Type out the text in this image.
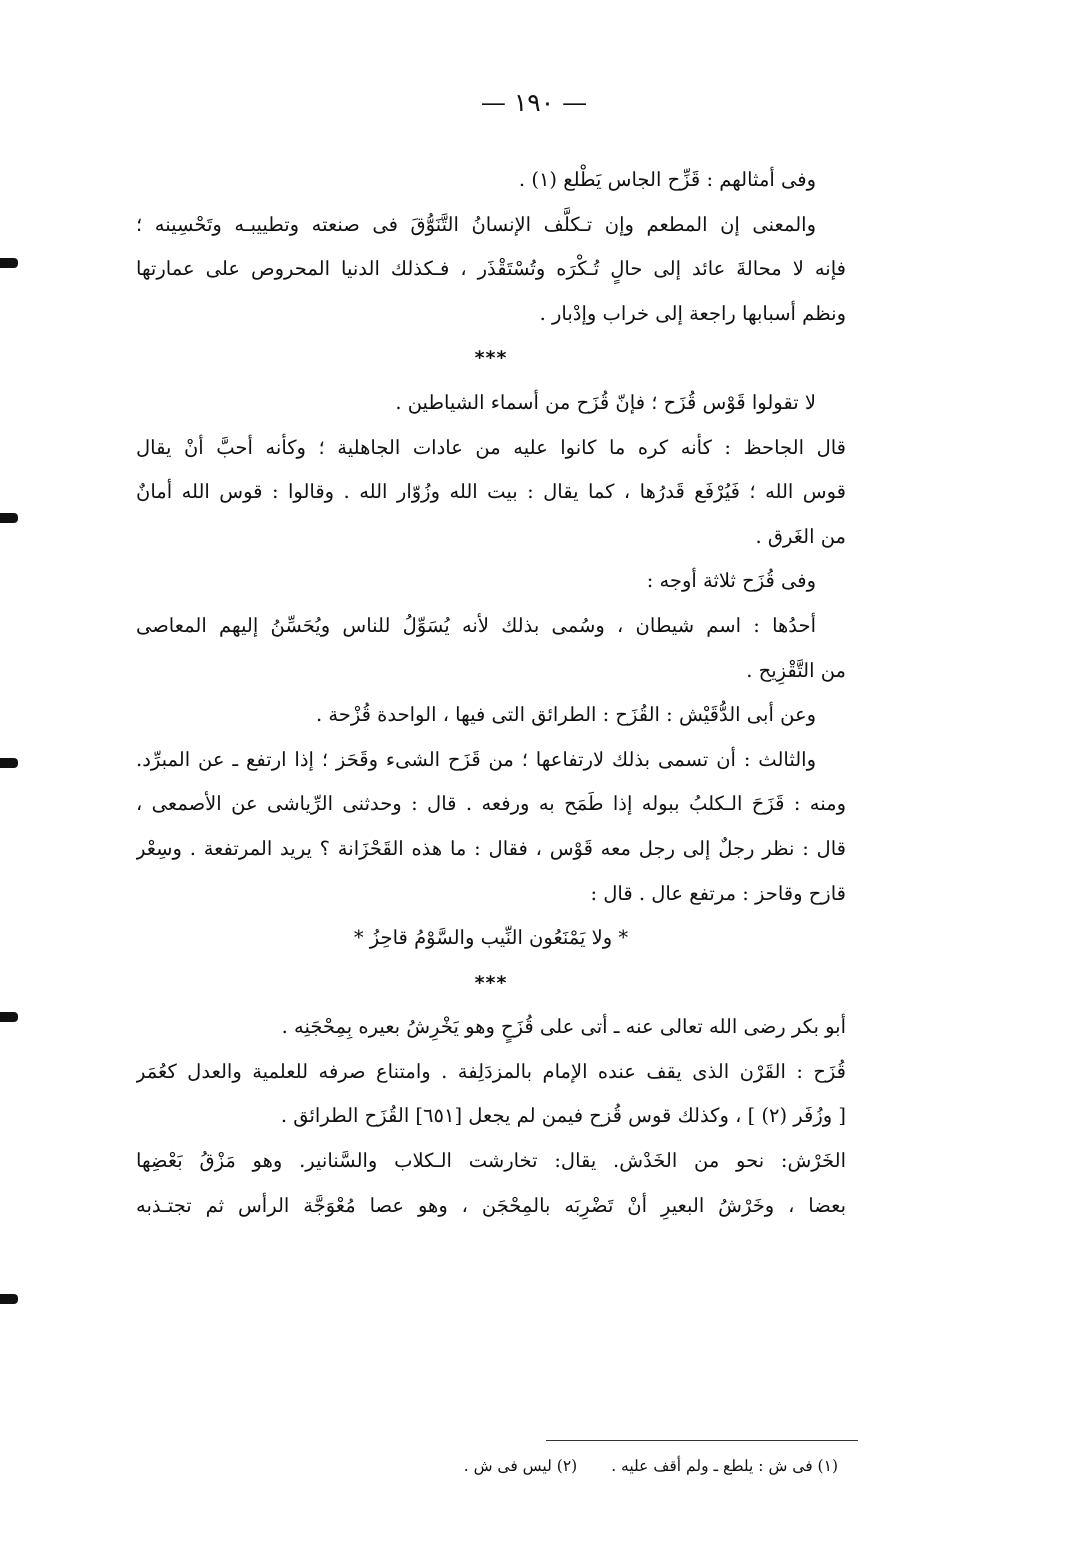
— ١٩٠ —
وفى أمثالهم : قَزِّح الجاس يَطْلع (١) .
والمعنى إن المطعم وإن تـكلَّف الإنسانُ التَّنَوُّقَ فى صنعته وتطييبـه وتَحْسِينه ؛
فإنه لا محالةَ عائد إلى حالٍ تُـكْرَه وتُسْتَقْذَر ، فـكذلك الدنيا المحروص على عمارتها
ونظم أسبابها راجعة إلى خراب وإدْبار .
***
لا تقولوا قَوْس قُزَح ؛ فإنّ قُزَح من أسماء الشياطين .
قال الجاحظ : كأنه كره ما كانوا عليه من عادات الجاهلية ؛ وكأنه أحبَّ أنْ يقال
قوس الله ؛ فَيُرْفَع قَدرُها ، كما يقال : بيت الله وزُوّار الله . وقالوا : قوس الله أمانٌ
من الغَرق .
وفى قُزَح ثلاثة أوجه :
أحدُها : اسم شيطان ، وسُمى بذلك لأنه يُسَوِّلُ للناس ويُحَسِّنُ إليهم المعاصى
من التَّقْزِيح .
وعن أبى الدُّقَيْش : القُزَح : الطرائق التى فيها ، الواحدة قُزْحة .
والثالث : أن تسمى بذلك لارتفاعها ؛ من قَزَح الشىء وقَحَز ؛ إذا ارتفع ـ عن المبرِّد.
ومنه : قَزَحَ الـكلبُ ببوله إذا طَمَح به ورفعه . قال : وحدثنى الرِّياشى عن الأصمعى ،
قال : نظر رجلٌ إلى رجل معه قَوْس ، فقال : ما هذه القَحْزَانة ؟ يريد المرتفعة . وسِعْر
قازح وقاحز : مرتفع عال . قال :
* ولا يَمْنَعُون النِّيب والسَّوْمُ قاحِزُ *
***
أبو بكر رضى الله تعالى عنه ـ أتى على قُزَحٍ وهو يَخْرِشُ بعيره بِمِحْجَنِه .
قُزَح : القَرْن الذى يقف عنده الإمام بالمزدَلِفة . وامتناع صرفه للعلمية والعدل كعُمَر
[ وزُفَر (٢) ] ، وكذلك قوس قُزح فيمن لم يجعل [٦٥١] القُزَح الطرائق .
الخَرْش: نحو من الخَدْش. يقال: تخارشت الـكلاب والسَّنانير. وهو مَزْقُ بَعْضِها
بعضا ، وخَرْشُ البعيرِ أنْ تَضْرِبَه بالمِحْجَن ، وهو عصا مُعْوَجَّة الرأس ثم تجتـذبه
(١) فى ش : يلطع ـ ولم أقف عليه .
(٢) ليس فى ش .
